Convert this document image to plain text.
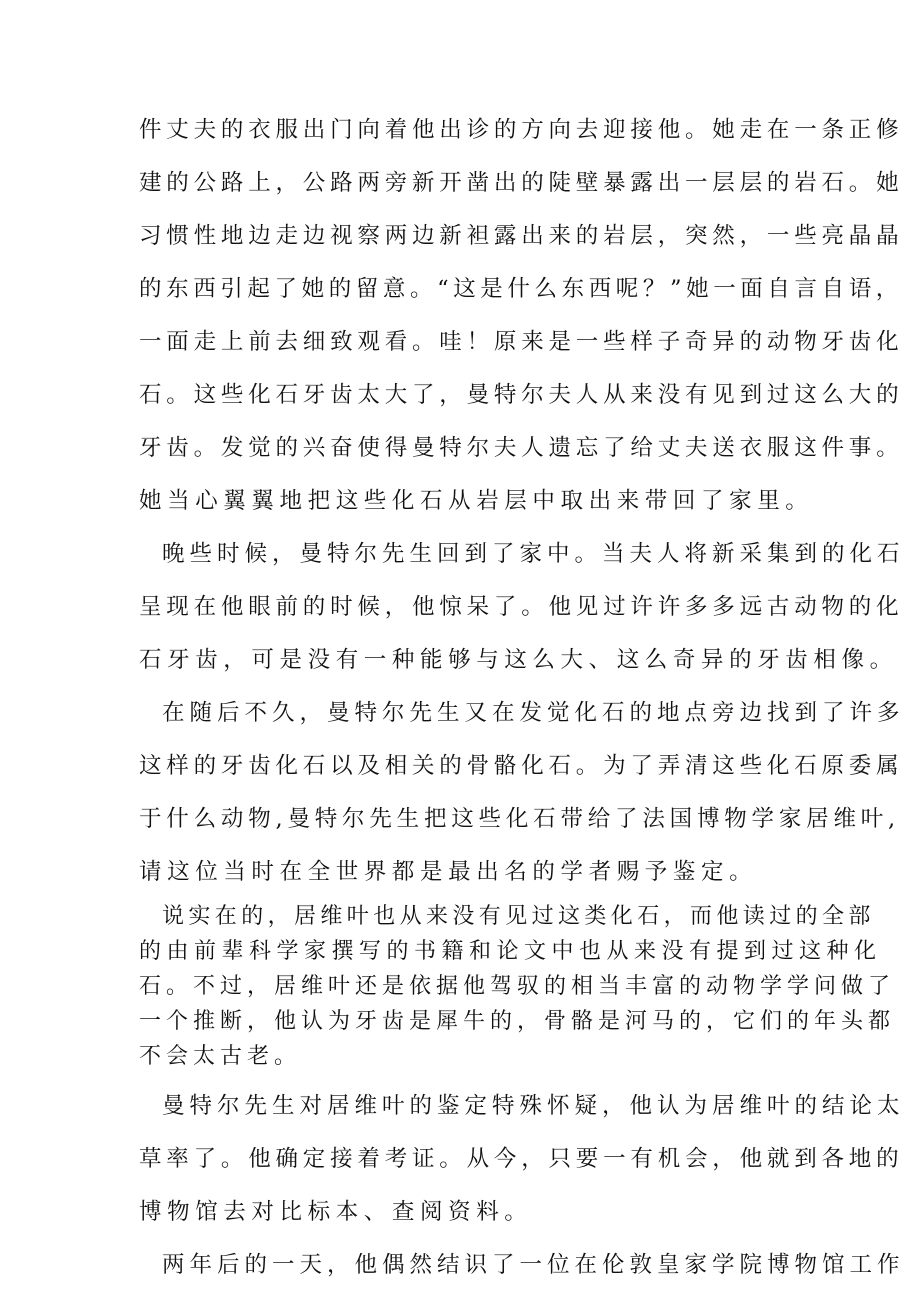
件丈夫的衣服出门向着他出诊的方向去迎接他。她走在一条正修
建的公路上，公路两旁新开凿出的陡壁暴露出一层层的岩石。她
习惯性地边走边视察两边新袒露出来的岩层，突然，一些亮晶晶
的东西引起了她的留意。“这是什么东西呢？”她一面自言自语，
一面走上前去细致观看。哇！原来是一些样子奇异的动物牙齿化
石。这些化石牙齿太大了，曼特尔夫人从来没有见到过这么大的
牙齿。发觉的兴奋使得曼特尔夫人遗忘了给丈夫送衣服这件事。
她当心翼翼地把这些化石从岩层中取出来带回了家里。
晚些时候，曼特尔先生回到了家中。当夫人将新采集到的化石
呈现在他眼前的时候，他惊呆了。他见过许许多多远古动物的化
石牙齿，可是没有一种能够与这么大、这么奇异的牙齿相像。
在随后不久，曼特尔先生又在发觉化石的地点旁边找到了许多
这样的牙齿化石以及相关的骨骼化石。为了弄清这些化石原委属
于什么动物,曼特尔先生把这些化石带给了法国博物学家居维叶,
请这位当时在全世界都是最出名的学者赐予鉴定。
说实在的，居维叶也从来没有见过这类化石，而他读过的全部
的由前辈科学家撰写的书籍和论文中也从来没有提到过这种化
石。不过，居维叶还是依据他驾驭的相当丰富的动物学学问做了
一个推断，他认为牙齿是犀牛的，骨骼是河马的，它们的年头都
不会太古老。
曼特尔先生对居维叶的鉴定特殊怀疑，他认为居维叶的结论太
草率了。他确定接着考证。从今，只要一有机会，他就到各地的
博物馆去对比标本、查阅资料。
两年后的一天，他偶然结识了一位在伦敦皇家学院博物馆工作
